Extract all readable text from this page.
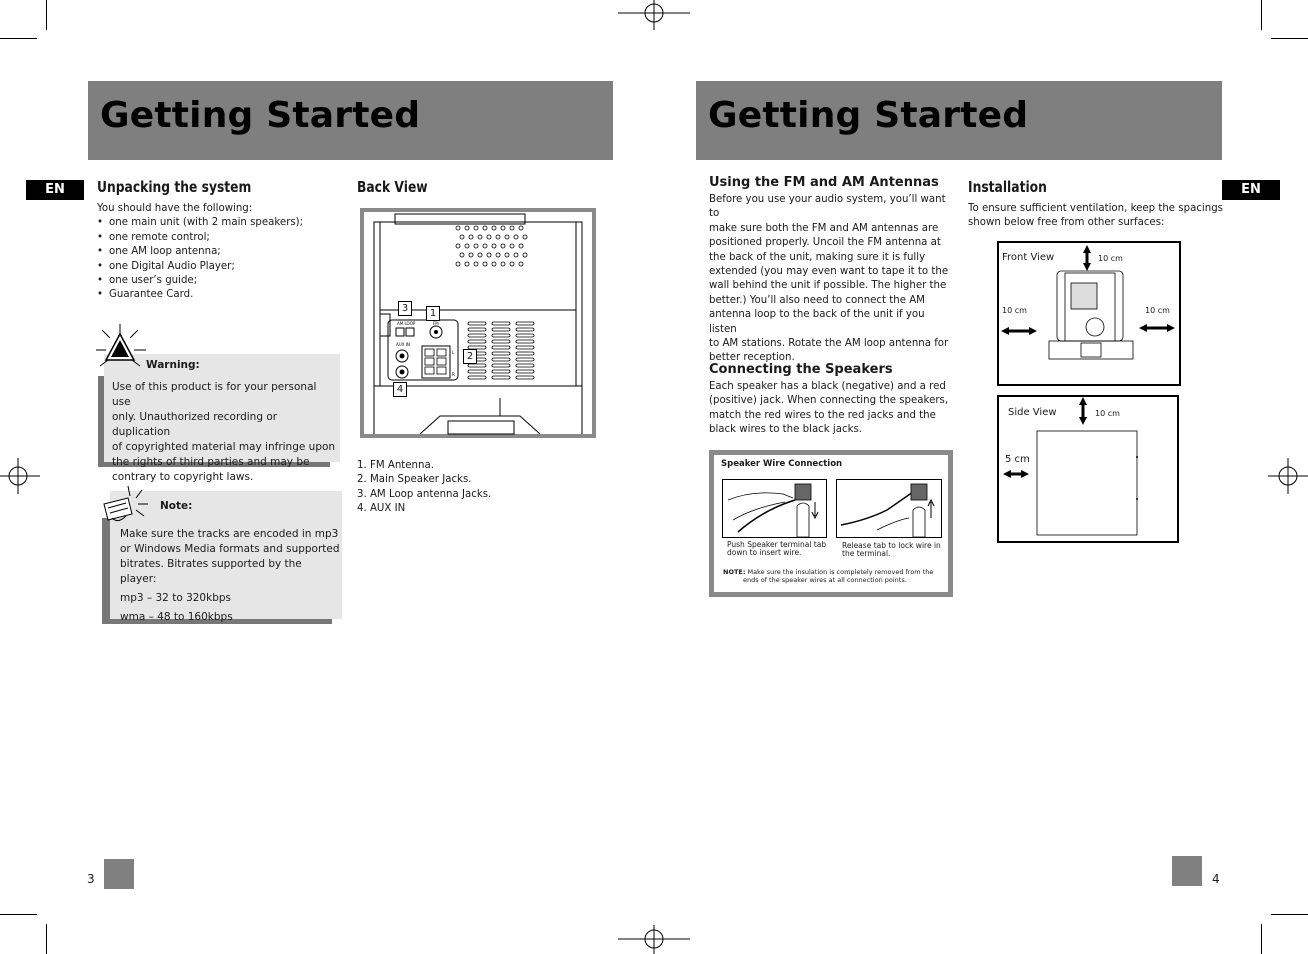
Getting Started
EN	Unpacking the system

You should have the following:

• one main unit (with 2 main speakers);
• one remote control;
• one AM loop antenna;
• one Digital Audio Player;
• one user’s guide;
• Guarantee Card.
Warning:
Use of this product is for your personal use
only. Unauthorized recording or duplication
of copyrighted material may infringe upon
the rights of third parties and may be
contrary to copyright laws.
Note:
Make sure the tracks are encoded in mp3
or Windows Media formats and supported
bitrates. Bitrates supported by the player:
mp3 – 32 to 320kbps
wma – 48 to 160kbps
Back View
AM LOOP	FM
AUX IN
L
R
3	1
2
4
1. FM Antenna.
2. Main Speaker Jacks.
3. AM Loop antenna Jacks.
4. AUX IN
3
Getting Started
EN
Using the FM and AM Antennas
Before you use your audio system, you’ll want to
make sure both the FM and AM antennas are
positioned properly. Uncoil the FM antenna at
the back of the unit, making sure it is fully
extended (you may even want to tape it to the
wall behind the unit if possible. The higher the
better.) You’ll also need to connect the AM
antenna loop to the back of the unit if you listen
to AM stations. Rotate the AM loop antenna for
better reception.
Connecting the Speakers
Each speaker has a black (negative) and a red
(positive) jack. When connecting the speakers,
match the red wires to the red jacks and the
black wires to the black jacks.
Speaker Wire Connection
Push Speaker terminal tab
down to insert wire.
Release tab to lock wire in
the terminal.
NOTE: Make sure the insulation is completely removed from the
ends of the speaker wires at all connection points.
Installation
To ensure sufficient ventilation, keep the spacings
shown below free from other surfaces:
Front View	10 cm
10 cm	10 cm
Side View	10 cm
5 cm
4
